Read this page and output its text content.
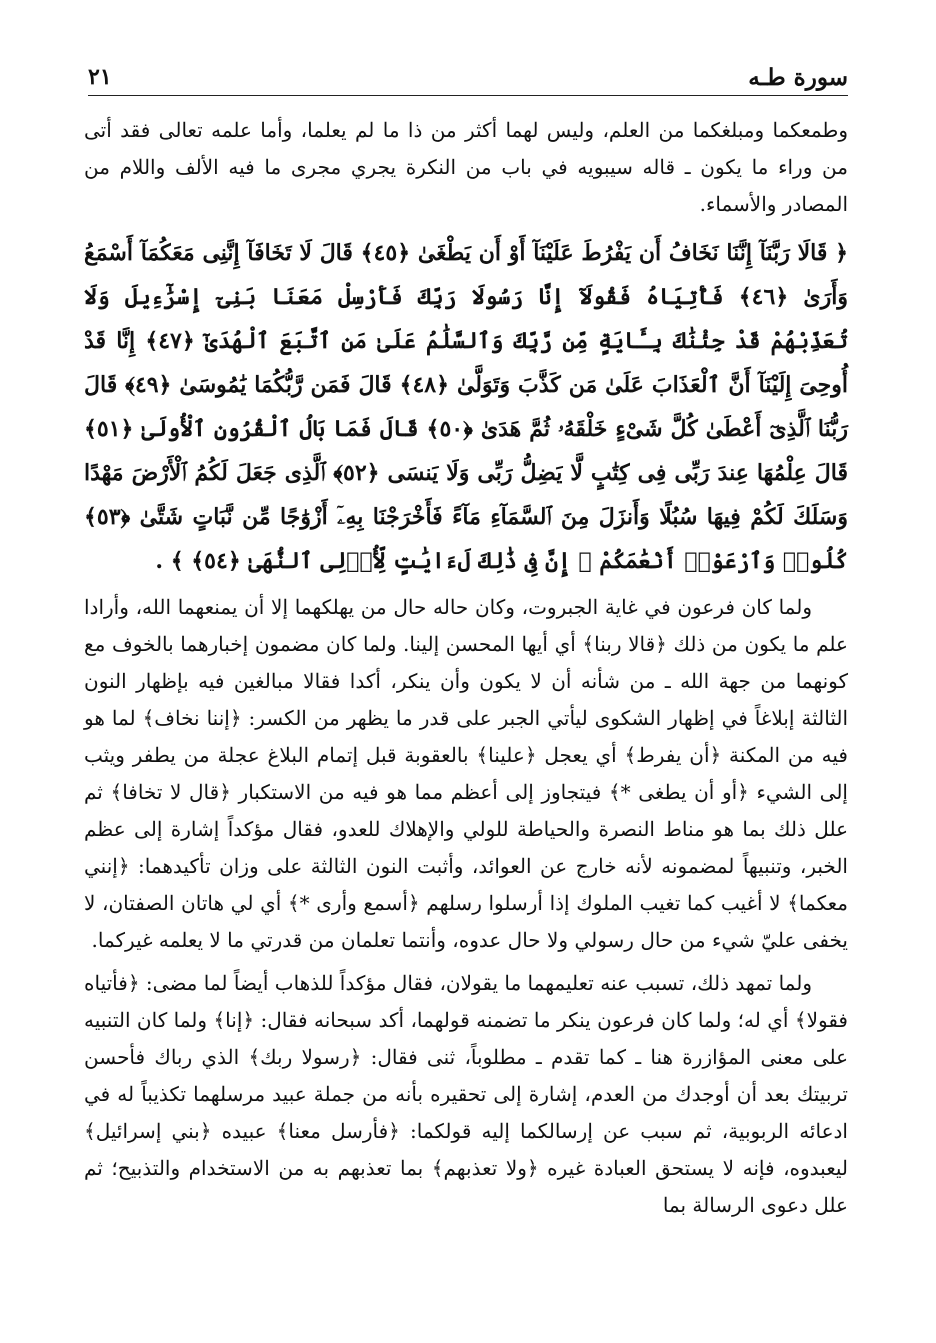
سورة طـه
٢١

وطمعكما ومبلغكما من العلم، وليس لهما أكثر من ذا ما لم يعلما، وأما علمه تعالى فقد أتى من وراء ما يكون ـ قاله سيبويه في باب من النكرة يجري مجرى ما فيه الألف واللام من المصادر والأسماء.

﴿ قَالَا رَبَّنَآ إِنَّنَا نَخَافُ أَن يَفْرُطَ عَلَيْنَآ أَوْ أَن يَطْغَىٰ ﴿٤٥﴾ قَالَ لَا تَخَافَآ إِنَّنِى مَعَكُمَآ أَسْمَعُ وَأَرَىٰ ﴿٤٦﴾ فَأْتِيَاهُ فَقُولَآ إِنَّا رَسُولَا رَبِّكَ فَأَرْسِلْ مَعَنَا بَنِىٓ إِسْرَٰٓءِيلَ وَلَا تُعَذِّبْهُمْ قَدْ جِئْنَٰكَ بِـَٔايَةٍ مِّن رَّبِّكَ وَٱلسَّلَٰمُ عَلَىٰ مَنِ ٱتَّبَعَ ٱلْهُدَىٰٓ ﴿٤٧﴾ إِنَّا قَدْ أُوحِىَ إِلَيْنَآ أَنَّ ٱلْعَذَابَ عَلَىٰ مَن كَذَّبَ وَتَوَلَّىٰ ﴿٤٨﴾ قَالَ فَمَن رَّبُّكُمَا يَٰمُوسَىٰ ﴿٤٩﴾ قَالَ رَبُّنَا ٱلَّذِىٓ أَعْطَىٰ كُلَّ شَىْءٍ خَلْقَهُۥ ثُمَّ هَدَىٰ ﴿٥٠﴾ قَالَ فَمَا بَالُ ٱلْقُرُونِ ٱلْأُولَىٰ ﴿٥١﴾ قَالَ عِلْمُهَا عِندَ رَبِّى فِى كِتَٰبٍ لَّا يَضِلُّ رَبِّى وَلَا يَنسَى ﴿٥٢﴾ ٱلَّذِى جَعَلَ لَكُمُ ٱلْأَرْضَ مَهْدًا وَسَلَكَ لَكُمْ فِيهَا سُبُلًا وَأَنزَلَ مِنَ ٱلسَّمَآءِ مَآءً فَأَخْرَجْنَا بِهِۦٓ أَزْوَٰجًا مِّن نَّبَاتٍ شَتَّىٰ ﴿٥٣﴾ كُلُوا۟ وَٱرْعَوْا۟ أَنْعَٰمَكُمْ ۗ إِنَّ فِى ذَٰلِكَ لَءَايَٰتٍ لِّأُو۟لِى ٱلنُّهَىٰ ﴿٥٤﴾ ﴾ .

ولما كان فرعون في غاية الجبروت، وكان حاله حال من يهلكهما إلا أن يمنعهما الله، وأرادا علم ما يكون من ذلك ﴿قالا ربنا﴾ أي أيها المحسن إلينا. ولما كان مضمون إخبارهما بالخوف مع كونهما من جهة الله ـ من شأنه أن لا يكون وأن ينكر، أكدا فقالا مبالغين فيه بإظهار النون الثالثة إبلاغاً في إظهار الشكوى ليأتي الجبر على قدر ما يظهر من الكسر: ﴿إننا نخاف﴾ لما هو فيه من المكنة ﴿أن يفرط﴾ أي يعجل ﴿علينا﴾ بالعقوبة قبل إتمام البلاغ عجلة من يطفر ويثب إلى الشيء ﴿أو أن يطغى *﴾ فيتجاوز إلى أعظم مما هو فيه من الاستكبار ﴿قال لا تخافا﴾ ثم علل ذلك بما هو مناط النصرة والحياطة للولي والإهلاك للعدو، فقال مؤكداً إشارة إلى عظم الخبر، وتنبيهاً لمضمونه لأنه خارج عن العوائد، وأثبت النون الثالثة على وزان تأكيدهما: ﴿إنني معكما﴾ لا أغيب كما تغيب الملوك إذا أرسلوا رسلهم ﴿أسمع وأرى *﴾ أي لي هاتان الصفتان، لا يخفى عليّ شيء من حال رسولي ولا حال عدوه، وأنتما تعلمان من قدرتي ما لا يعلمه غيركما.

ولما تمهد ذلك، تسبب عنه تعليمهما ما يقولان، فقال مؤكداً للذهاب أيضاً لما مضى: ﴿فأتياه فقولا﴾ أي له؛ ولما كان فرعون ينكر ما تضمنه قولهما، أكد سبحانه فقال: ﴿إنا﴾ ولما كان التنبيه على معنى المؤازرة هنا ـ كما تقدم ـ مطلوباً، ثنى فقال: ﴿رسولا ربك﴾ الذي رباك فأحسن تربيتك بعد أن أوجدك من العدم، إشارة إلى تحقيره بأنه من جملة عبيد مرسلهما تكذيباً له في ادعائه الربوبية، ثم سبب عن إرسالكما إليه قولكما: ﴿فأرسل معنا﴾ عبيده ﴿بني إسرائيل﴾ ليعبدوه، فإنه لا يستحق العبادة غيره ﴿ولا تعذبهم﴾ بما تعذبهم به من الاستخدام والتذبيح؛ ثم علل دعوى الرسالة بما
